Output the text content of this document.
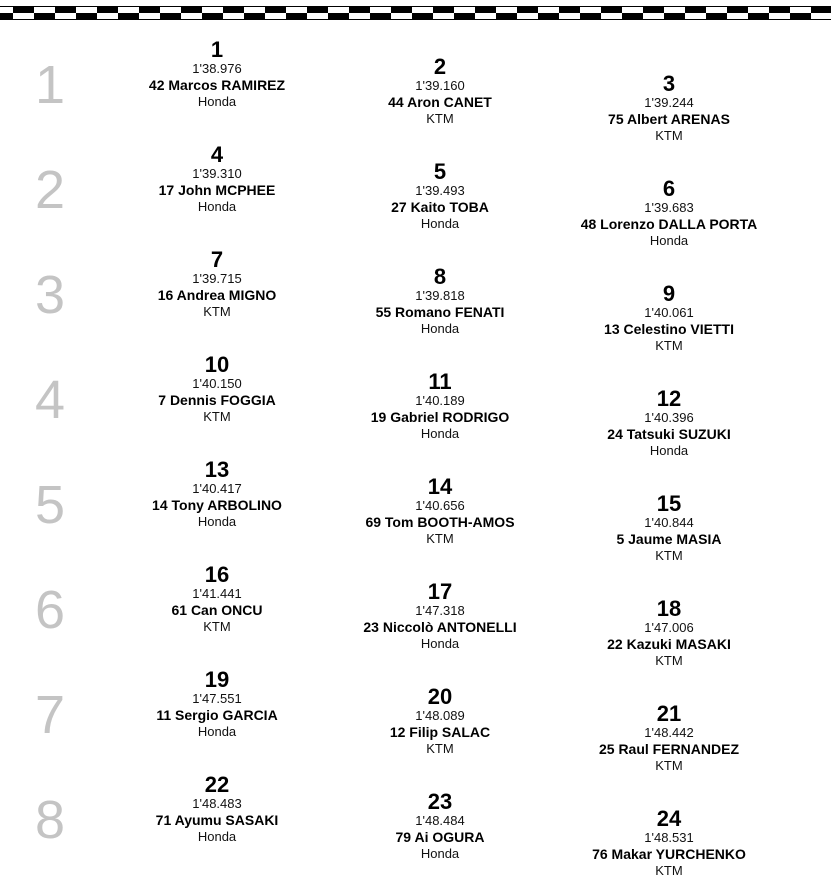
1
2
3
4
5
6
7
8
1
1'38.976
42 Marcos RAMIREZ
Honda
2
1'39.160
44 Aron CANET
KTM
3
1'39.244
75 Albert ARENAS
KTM
4
1'39.310
17 John MCPHEE
Honda
5
1'39.493
27 Kaito TOBA
Honda
6
1'39.683
48 Lorenzo DALLA PORTA
Honda
7
1'39.715
16 Andrea MIGNO
KTM
8
1'39.818
55 Romano FENATI
Honda
9
1'40.061
13 Celestino VIETTI
KTM
10
1'40.150
7 Dennis FOGGIA
KTM
11
1'40.189
19 Gabriel RODRIGO
Honda
12
1'40.396
24 Tatsuki SUZUKI
Honda
13
1'40.417
14 Tony ARBOLINO
Honda
14
1'40.656
69 Tom BOOTH-AMOS
KTM
15
1'40.844
5 Jaume MASIA
KTM
16
1'41.441
61 Can ONCU
KTM
17
1'47.318
23 Niccolò ANTONELLI
Honda
18
1'47.006
22 Kazuki MASAKI
KTM
19
1'47.551
11 Sergio GARCIA
Honda
20
1'48.089
12 Filip SALAC
KTM
21
1'48.442
25 Raul FERNANDEZ
KTM
22
1'48.483
71 Ayumu SASAKI
Honda
23
1'48.484
79 Ai OGURA
Honda
24
1'48.531
76 Makar YURCHENKO
KTM
